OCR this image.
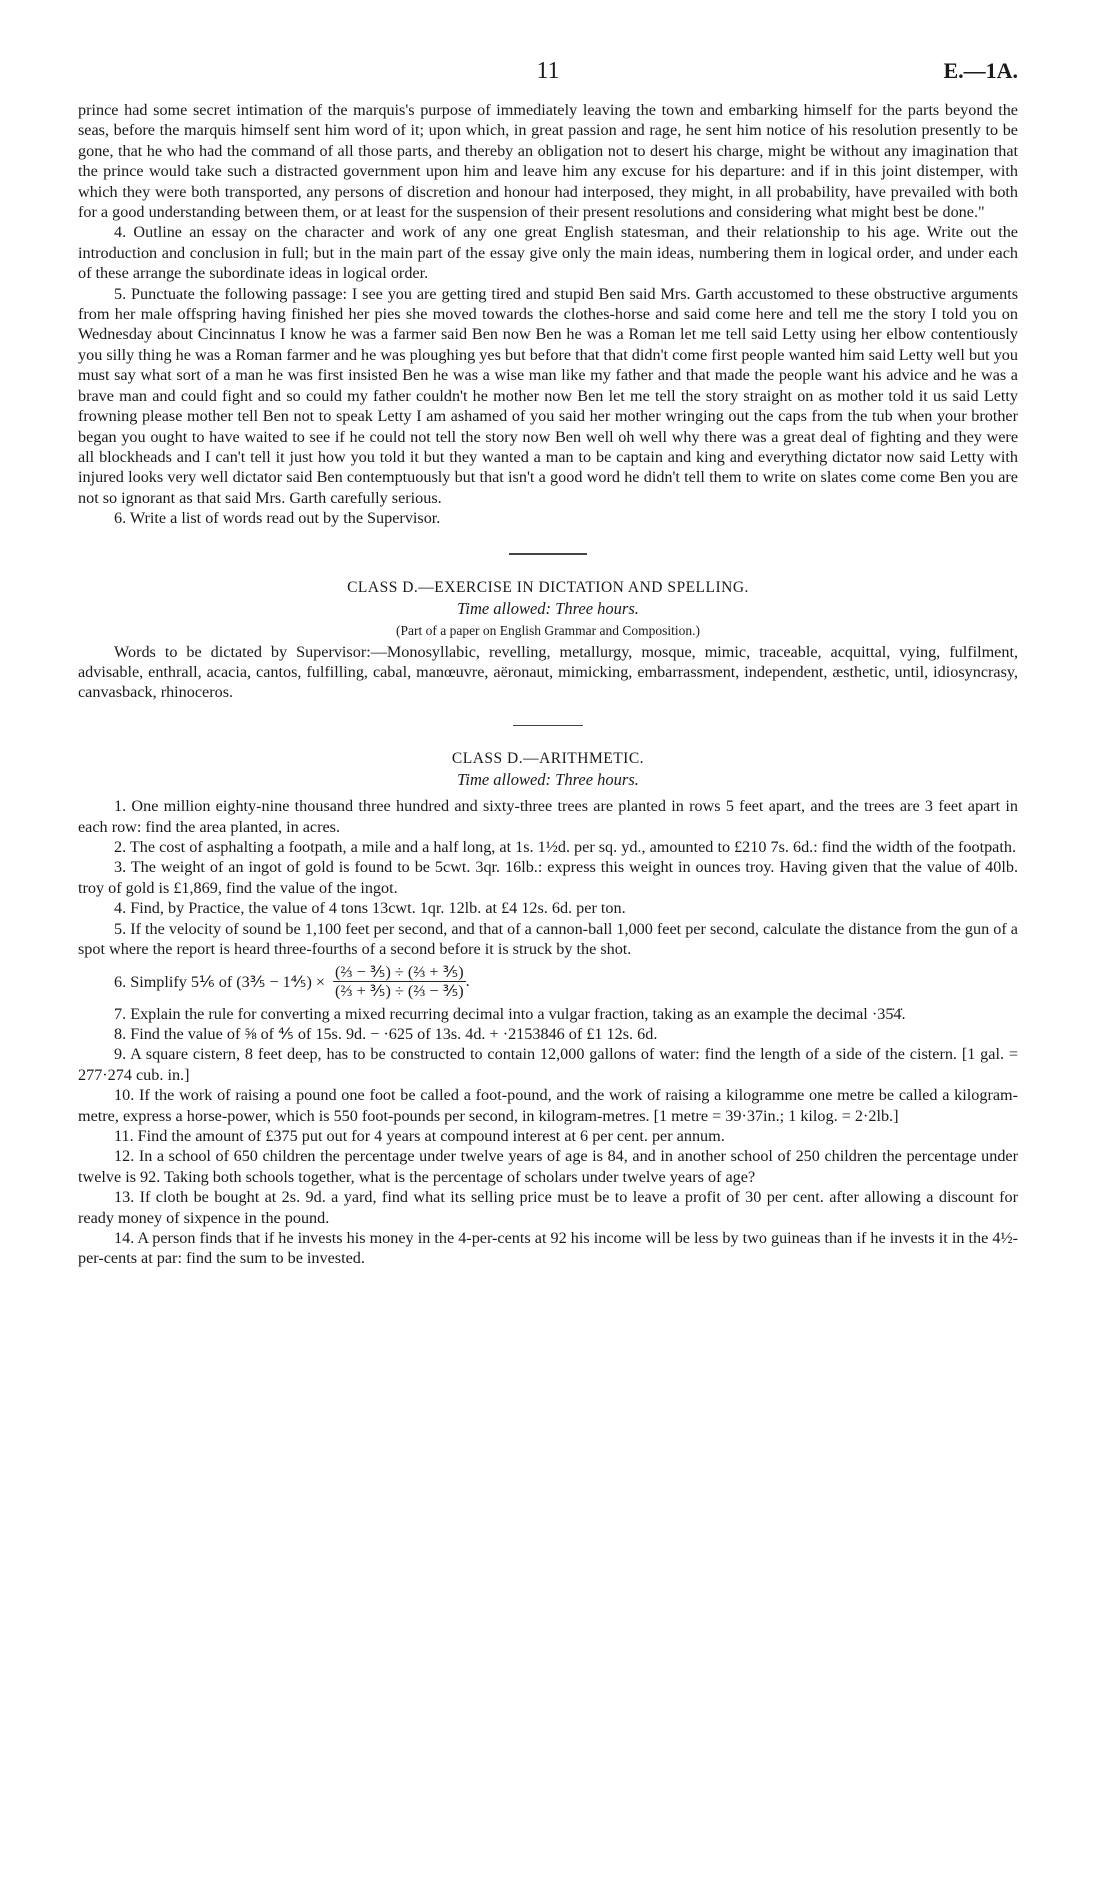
11	E.—1A.

prince had some secret intimation of the marquis's purpose of immediately leaving the town and embarking himself for the parts beyond the seas, before the marquis himself sent him word of it; upon which, in great passion and rage, he sent him notice of his resolution presently to be gone, that he who had the command of all those parts, and thereby an obligation not to desert his charge, might be without any imagination that the prince would take such a distracted government upon him and leave him any excuse for his departure: and if in this joint distemper, with which they were both transported, any persons of discretion and honour had interposed, they might, in all probability, have prevailed with both for a good understanding between them, or at least for the suspension of their present resolutions and considering what might best be done."

4. Outline an essay on the character and work of any one great English statesman, and their relationship to his age. Write out the introduction and conclusion in full; but in the main part of the essay give only the main ideas, numbering them in logical order, and under each of these arrange the subordinate ideas in logical order.

5. Punctuate the following passage: I see you are getting tired and stupid Ben said Mrs. Garth accustomed to these obstructive arguments from her male offspring having finished her pies she moved towards the clothes-horse and said come here and tell me the story I told you on Wednesday about Cincinnatus I know he was a farmer said Ben now Ben he was a Roman let me tell said Letty using her elbow contentiously you silly thing he was a Roman farmer and he was ploughing yes but before that that didn't come first people wanted him said Letty well but you must say what sort of a man he was first insisted Ben he was a wise man like my father and that made the people want his advice and he was a brave man and could fight and so could my father couldn't he mother now Ben let me tell the story straight on as mother told it us said Letty frowning please mother tell Ben not to speak Letty I am ashamed of you said her mother wringing out the caps from the tub when your brother began you ought to have waited to see if he could not tell the story now Ben well oh well why there was a great deal of fighting and they were all blockheads and I can't tell it just how you told it but they wanted a man to be captain and king and everything dictator now said Letty with injured looks very well dictator said Ben contemptuously but that isn't a good word he didn't tell them to write on slates come come Ben you are not so ignorant as that said Mrs. Garth carefully serious.

6. Write a list of words read out by the Supervisor.

CLASS D.—EXERCISE IN DICTATION AND SPELLING.
Time allowed: Three hours.
(Part of a paper on English Grammar and Composition.)

Words to be dictated by Supervisor:—Monosyllabic, revelling, metallurgy, mosque, mimic, traceable, acquittal, vying, fulfilment, advisable, enthrall, acacia, cantos, fulfilling, cabal, manœuvre, aëronaut, mimicking, embarrassment, independent, æsthetic, until, idiosyncrasy, canvasback, rhinoceros.

CLASS D.—ARITHMETIC.
Time allowed: Three hours.

1. One million eighty-nine thousand three hundred and sixty-three trees are planted in rows 5 feet apart, and the trees are 3 feet apart in each row: find the area planted, in acres.

2. The cost of asphalting a footpath, a mile and a half long, at 1s. 1½d. per sq. yd., amounted to £210 7s. 6d.: find the width of the footpath.

3. The weight of an ingot of gold is found to be 5cwt. 3qr. 16lb.: express this weight in ounces troy. Having given that the value of 40lb. troy of gold is £1,869, find the value of the ingot.

4. Find, by Practice, the value of 4 tons 13cwt. 1qr. 12lb. at £4 12s. 6d. per ton.

5. If the velocity of sound be 1,100 feet per second, and that of a cannon-ball 1,000 feet per second, calculate the distance from the gun of a spot where the report is heard three-fourths of a second before it is struck by the shot.

6. Simplify 5⅙ of (3⅗ − 1⅘) × $\frac{\text{(⅔ − ⅗) ÷ (⅔ + ⅗)}}{\text{(⅔ + ⅗) ÷ (⅔ − ⅗)}}$ .

7. Explain the rule for converting a mixed recurring decimal into a vulgar fraction, taking as an example the decimal ·35̇4̇.

8. Find the value of ⅝ of ⅘ of 15s. 9d. − ·625 of 13s. 4d. + ·2153846 of £1 12s. 6d.

9. A square cistern, 8 feet deep, has to be constructed to contain 12,000 gallons of water: find the length of a side of the cistern. [1 gal. = 277·274 cub. in.]

10. If the work of raising a pound one foot be called a foot-pound, and the work of raising a kilogramme one metre be called a kilogram-metre, express a horse-power, which is 550 foot-pounds per second, in kilogram-metres. [1 metre = 39·37in.; 1 kilog. = 2·2lb.]

11. Find the amount of £375 put out for 4 years at compound interest at 6 per cent. per annum.

12. In a school of 650 children the percentage under twelve years of age is 84, and in another school of 250 children the percentage under twelve is 92. Taking both schools together, what is the percentage of scholars under twelve years of age?

13. If cloth be bought at 2s. 9d. a yard, find what its selling price must be to leave a profit of 30 per cent. after allowing a discount for ready money of sixpence in the pound.

14. A person finds that if he invests his money in the 4-per-cents at 92 his income will be less by two guineas than if he invests it in the 4½-per-cents at par: find the sum to be invested.
